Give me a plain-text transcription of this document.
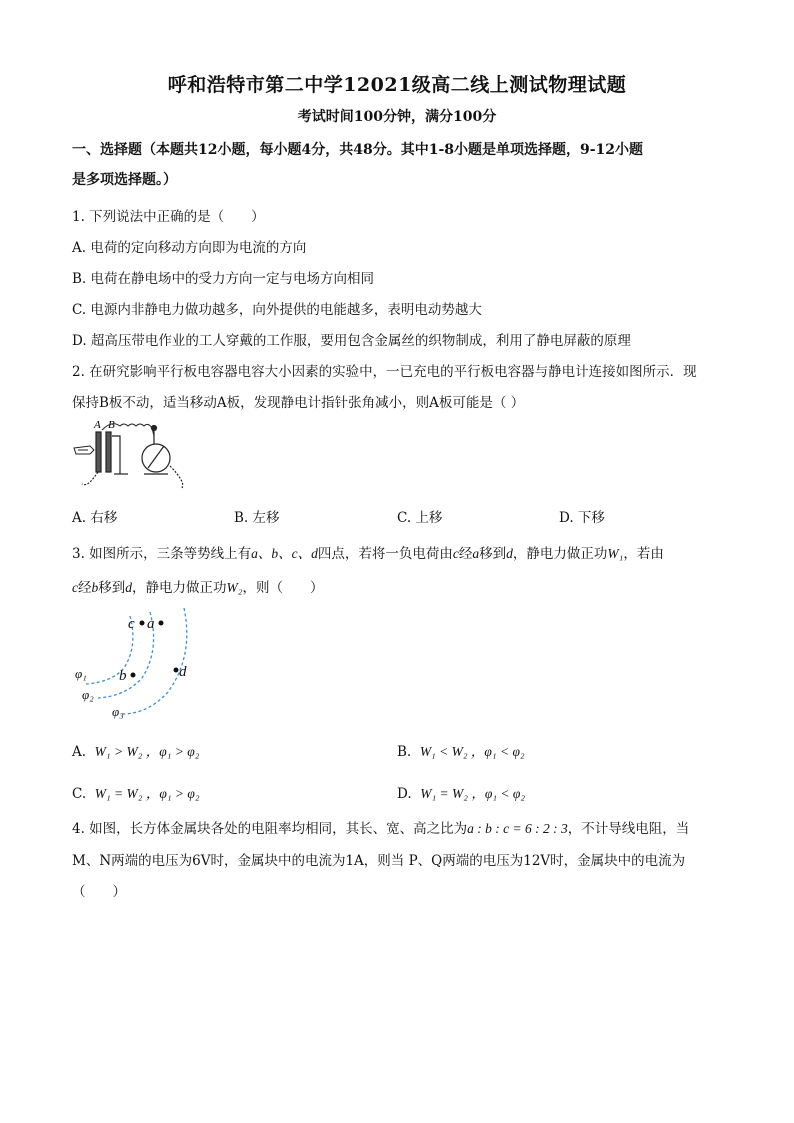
呼和浩特市第二中学12021级高二线上测试物理试题
考试时间100分钟，满分100分
一、选择题（本题共12小题，每小题4分，共48分。其中1-8小题是单项选择题，9-12小题
是多项选择题。）
1. 下列说法中正确的是（　　）
A. 电荷的定向移动方向即为电流的方向
B. 电荷在静电场中的受力方向一定与电场方向相同
C. 电源内非静电力做功越多，向外提供的电能越多，表明电动势越大
D. 超高压带电作业的工人穿戴的工作服，要用包含金属丝的织物制成，利用了静电屏蔽的原理
2. 在研究影响平行板电容器电容大小因素的实验中，一已充电的平行板电容器与静电计连接如图所示．现
保持B板不动，适当移动A板，发现静电计指针张角减小，则A板可能是（ ）
A B
A. 右移	B. 左移	C. 上移	D. 下移
3. 如图所示，三条等势线上有a、b、c、d四点，若将一负电荷由c经a移到d，静电力做正功W₁，若由
c经b移到d，静电力做正功W₂，则（　　）
c a
b	d
φ₁
φ₂
φ₃
A. W₁ > W₂ ，φ₁ > φ₂	B. W₁ < W₂ ，φ₁ < φ₂
C. W₁ = W₂ ，φ₁ > φ₂	D. W₁ = W₂ ，φ₁ < φ₂
4. 如图，长方体金属块各处的电阻率均相同，其长、宽、高之比为a : b : c = 6 : 2 : 3，不计导线电阻，当
M、N两端的电压为6V时，金属块中的电流为1A，则当 P、Q两端的电压为12V时，金属块中的电流为
（　　）
